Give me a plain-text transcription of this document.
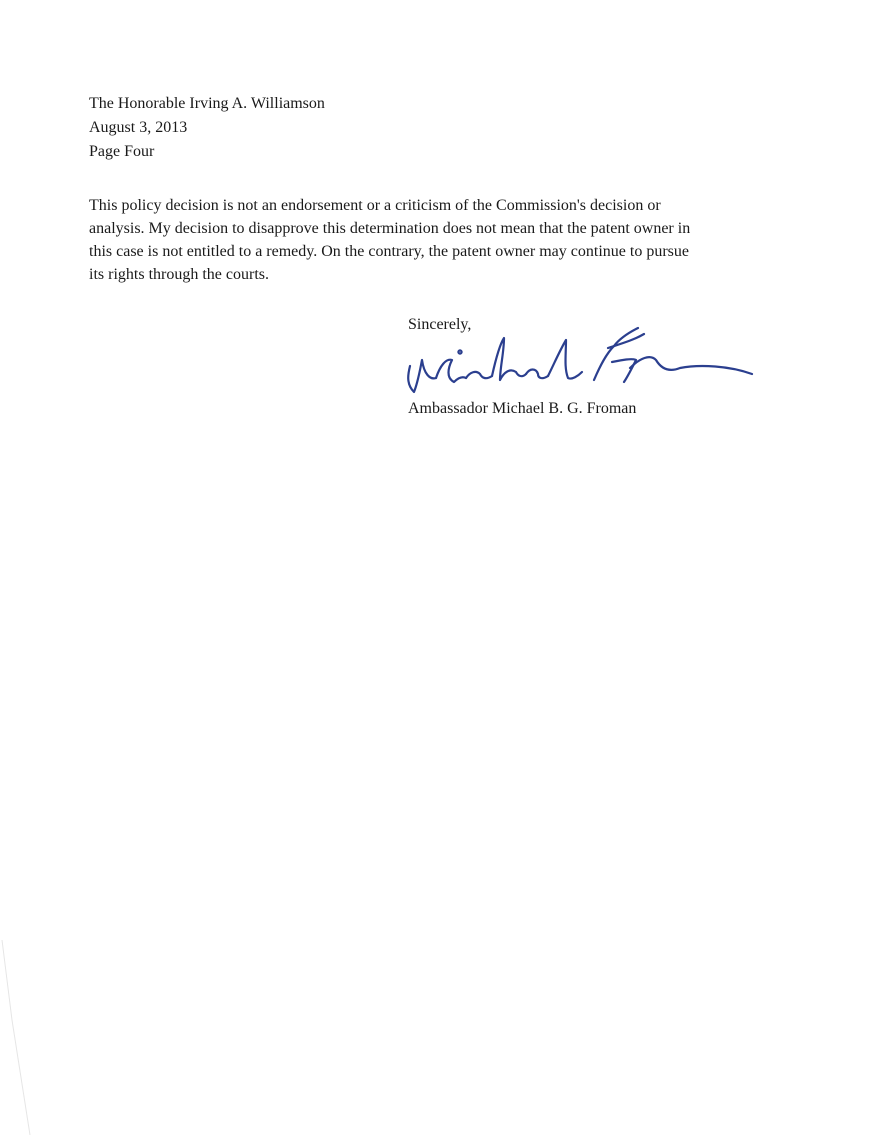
The Honorable Irving A. Williamson
August 3, 2013
Page Four

This policy decision is not an endorsement or a criticism of the Commission's decision or
analysis. My decision to disapprove this determination does not mean that the patent owner in
this case is not entitled to a remedy. On the contrary, the patent owner may continue to pursue
its rights through the courts.

Sincerely,
Ambassador Michael B. G. Froman
